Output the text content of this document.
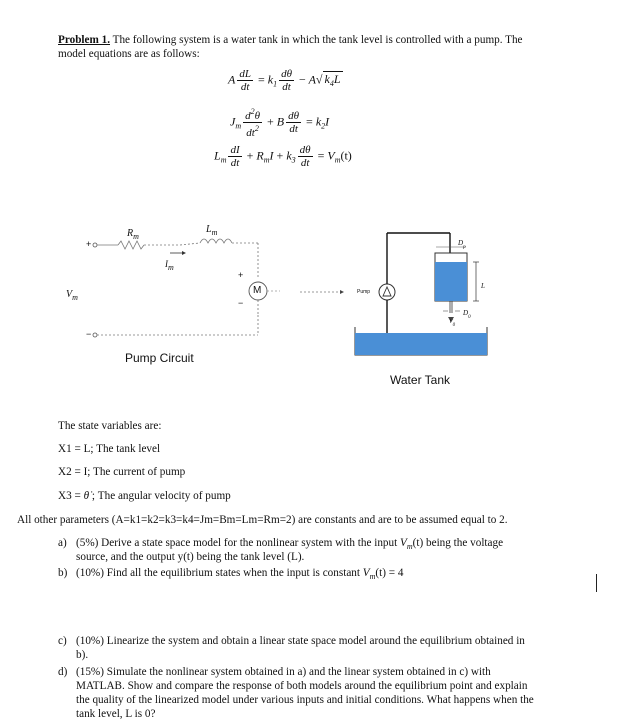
Problem 1. The following system is a water tank in which the tank level is controlled with a pump. The
model equations are as follows:
A $\frac{dL}{dt} = k_1 \frac{d\theta}{dt} - A√$ $k_4L$
$J_m \frac{d^2\theta}{dt^2} + B \frac{d\theta}{dt} = k_2I$
$L_m \frac{dI}{dt} + R_mI + k_3 \frac{d\theta}{dt} = V_m(t)$
$R_m$
$L_m$
Im
$V_m$
+
−
+
−
M
Pump Circuit
Pump
$D_p$
L
$D_0$
$V_0$
Water Tank
The state variables are:
X1 = L; The tank level
X2 = I; The current of pump
X3 = θ̇ ; The angular velocity of pump
All other parameters (A=k1=k2=k3=k4=Jm=Bm=Lm=Rm=2) are constants and are to be assumed equal to 2.
a) (5%) Derive a state space model for the nonlinear system with the input $V_m(t)$ being the voltage
source, and the output y(t) being the tank level (L).
b) (10%) Find all the equilibrium states when the input is constant $V_m(t) = 4$
c) (10%) Linearize the system and obtain a linear state space model around the equilibrium obtained in
b).
d) (15%) Simulate the nonlinear system obtained in a) and the linear system obtained in c) with
MATLAB. Show and compare the response of both models around the equilibrium point and explain
the quality of the linearized model under various inputs and initial conditions. What happens when the
tank level, L is 0?
